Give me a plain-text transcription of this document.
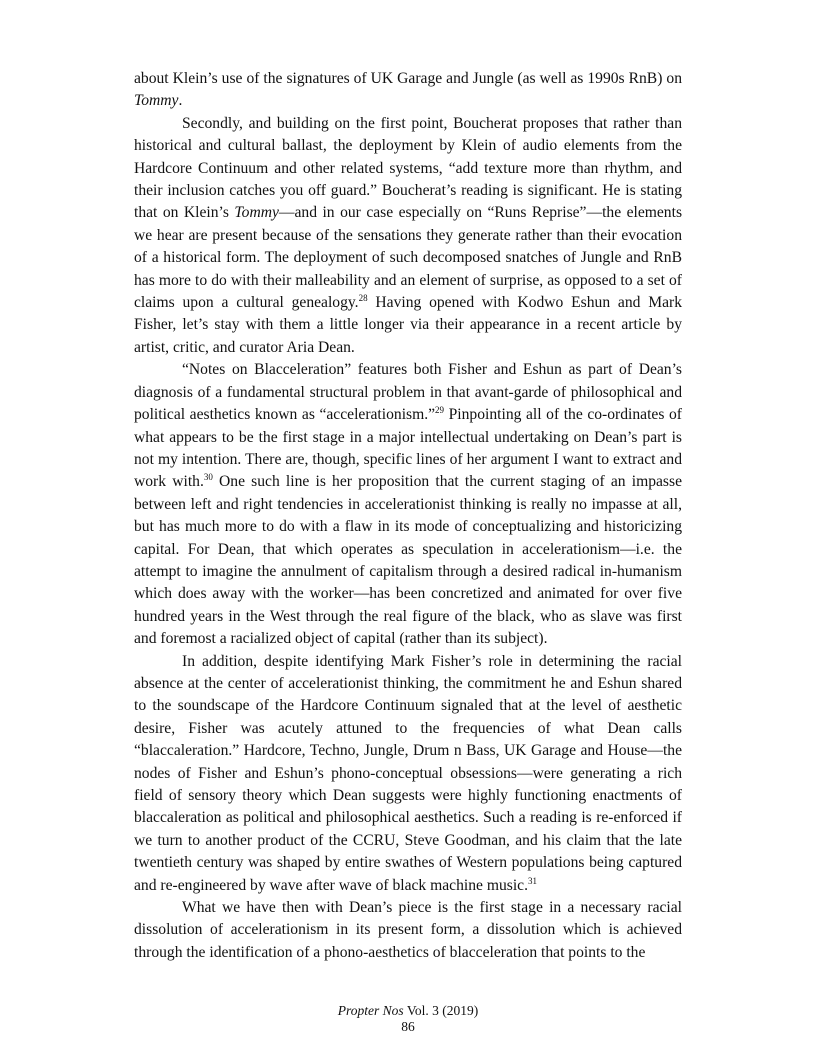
about Klein’s use of the signatures of UK Garage and Jungle (as well as 1990s RnB) on Tommy.

Secondly, and building on the first point, Boucherat proposes that rather than historical and cultural ballast, the deployment by Klein of audio elements from the Hardcore Continuum and other related systems, “add texture more than rhythm, and their inclusion catches you off guard.” Boucherat’s reading is significant. He is stating that on Klein’s Tommy—and in our case especially on “Runs Reprise”—the elements we hear are present because of the sensations they generate rather than their evocation of a historical form. The deployment of such decomposed snatches of Jungle and RnB has more to do with their malleability and an element of surprise, as opposed to a set of claims upon a cultural genealogy.$^{28}$ Having opened with Kodwo Eshun and Mark Fisher, let’s stay with them a little longer via their appearance in a recent article by artist, critic, and curator Aria Dean.

“Notes on Blacceleration” features both Fisher and Eshun as part of Dean’s diagnosis of a fundamental structural problem in that avant-garde of philosophical and political aesthetics known as “accelerationism.”$^{29}$ Pinpointing all of the co-ordinates of what appears to be the first stage in a major intellectual undertaking on Dean’s part is not my intention. There are, though, specific lines of her argument I want to extract and work with.$^{30}$ One such line is her proposition that the current staging of an impasse between left and right tendencies in accelerationist thinking is really no impasse at all, but has much more to do with a flaw in its mode of conceptualizing and historicizing capital. For Dean, that which operates as speculation in accelerationism—i.e. the attempt to imagine the annulment of capitalism through a desired radical in-humanism which does away with the worker—has been concretized and animated for over five hundred years in the West through the real figure of the black, who as slave was first and foremost a racialized object of capital (rather than its subject).

In addition, despite identifying Mark Fisher’s role in determining the racial absence at the center of accelerationist thinking, the commitment he and Eshun shared to the soundscape of the Hardcore Continuum signaled that at the level of aesthetic desire, Fisher was acutely attuned to the frequencies of what Dean calls “blaccaleration.” Hardcore, Techno, Jungle, Drum n Bass, UK Garage and House—the nodes of Fisher and Eshun’s phono-conceptual obsessions—were generating a rich field of sensory theory which Dean suggests were highly functioning enactments of blaccaleration as political and philosophical aesthetics. Such a reading is re-enforced if we turn to another product of the CCRU, Steve Goodman, and his claim that the late twentieth century was shaped by entire swathes of Western populations being captured and re-engineered by wave after wave of black machine music.$^{31}$

What we have then with Dean’s piece is the first stage in a necessary racial dissolution of accelerationism in its present form, a dissolution which is achieved through the identification of a phono-aesthetics of blacceleration that points to the

Propter Nos Vol. 3 (2019)
86
